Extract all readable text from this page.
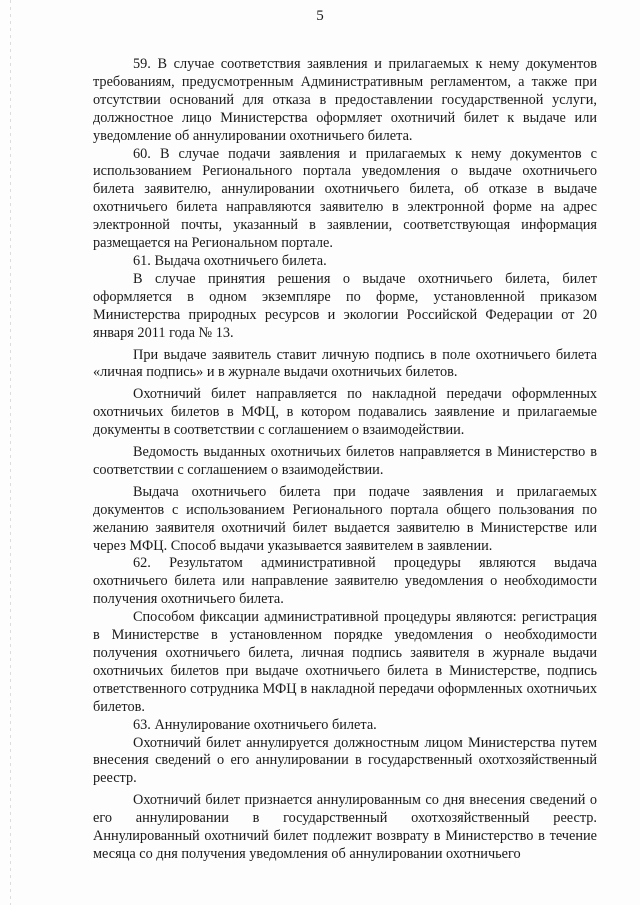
5

59. В случае соответствия заявления и прилагаемых к нему документов требованиям, предусмотренным Административным регламентом, а также при отсутствии оснований для отказа в предоставлении государственной услуги, должностное лицо Министерства оформляет охотничий билет к выдаче или уведомление об аннулировании охотничьего билета.

60. В случае подачи заявления и прилагаемых к нему документов с использованием Регионального портала уведомления о выдаче охотничьего билета заявителю, аннулировании охотничьего билета, об отказе в выдаче охотничьего билета направляются заявителю в электронной форме на адрес электронной почты, указанный в заявлении, соответствующая информация размещается на Региональном портале.

61. Выдача охотничьего билета.

В случае принятия решения о выдаче охотничьего билета, билет оформляется в одном экземпляре по форме, установленной приказом Министерства природных ресурсов и экологии Российской Федерации от 20 января 2011 года № 13.

При выдаче заявитель ставит личную подпись в поле охотничьего билета «личная подпись» и в журнале выдачи охотничьих билетов.

Охотничий билет направляется по накладной передачи оформленных охотничьих билетов в МФЦ, в котором подавались заявление и прилагаемые документы в соответствии с соглашением о взаимодействии.

Ведомость выданных охотничьих билетов направляется в Министерство в соответствии с соглашением о взаимодействии.

Выдача охотничьего билета при подаче заявления и прилагаемых документов с использованием Регионального портала общего пользования по желанию заявителя охотничий билет выдается заявителю в Министерстве или через МФЦ. Способ выдачи указывается заявителем в заявлении.

62. Результатом административной процедуры являются выдача охотничьего билета или направление заявителю уведомления о необходимости получения охотничьего билета.

Способом фиксации административной процедуры являются: регистрация в Министерстве в установленном порядке уведомления о необходимости получения охотничьего билета, личная подпись заявителя в журнале выдачи охотничьих билетов при выдаче охотничьего билета в Министерстве, подпись ответственного сотрудника МФЦ в накладной передачи оформленных охотничьих билетов.

63. Аннулирование охотничьего билета.

Охотничий билет аннулируется должностным лицом Министерства путем внесения сведений о его аннулировании в государственный охотхозяйственный реестр.

Охотничий билет признается аннулированным со дня внесения сведений о его аннулировании в государственный охотхозяйственный реестр. Аннулированный охотничий билет подлежит возврату в Министерство в течение месяца со дня получения уведомления об аннулировании охотничьего
